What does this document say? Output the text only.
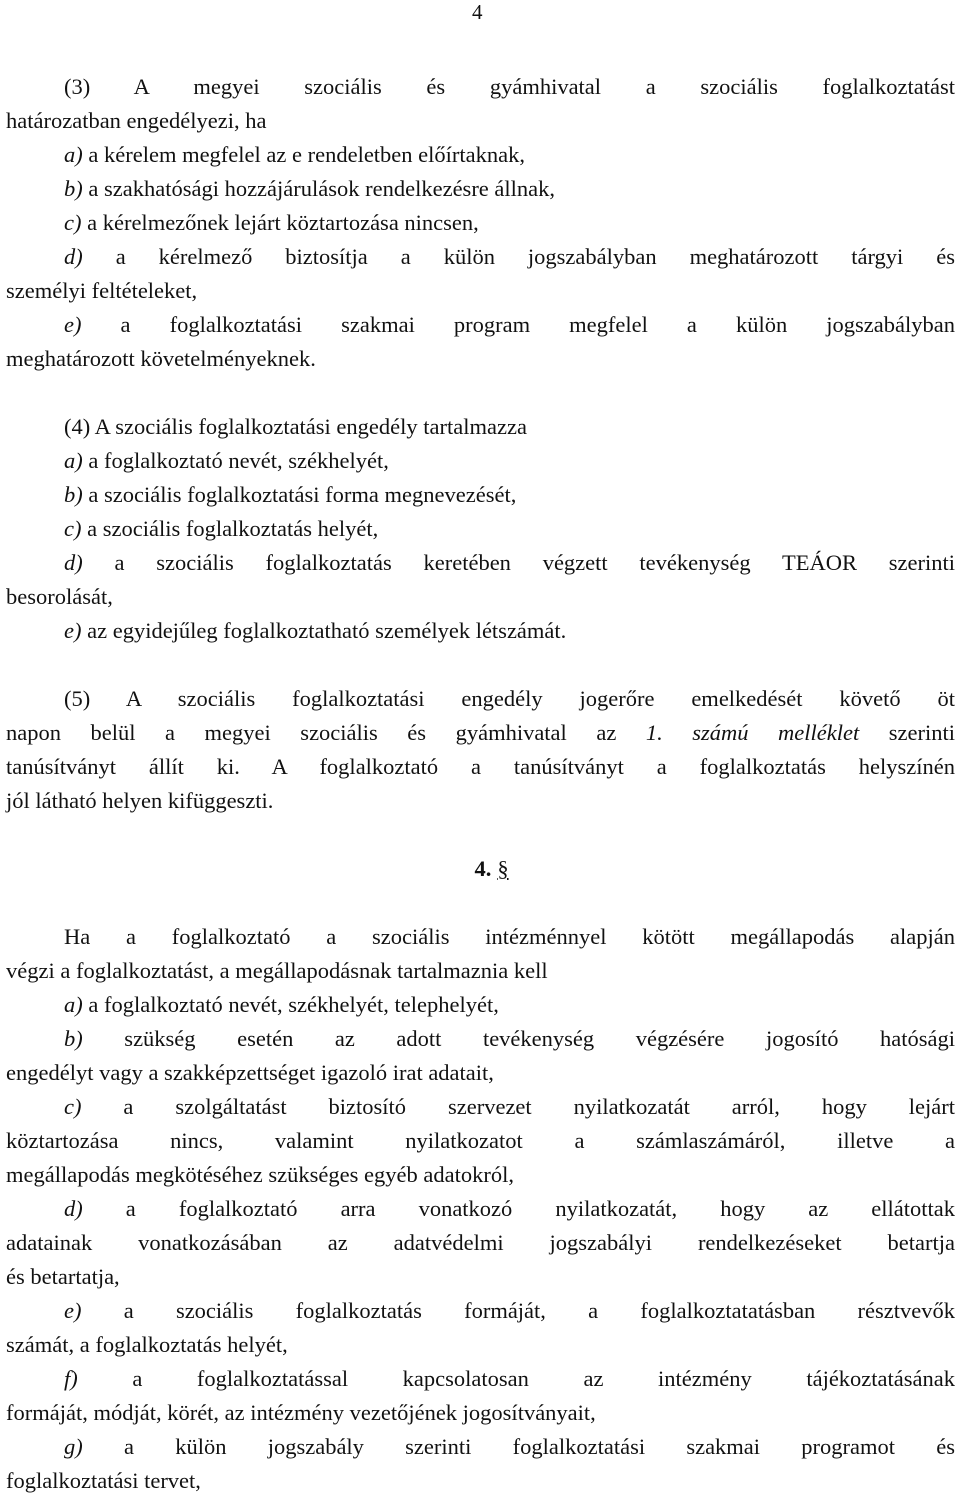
4
(3) A megyei szociális és gyámhivatal a szociális foglalkoztatást
határozatban engedélyezi, ha
a) a kérelem megfelel az e rendeletben előírtaknak,
b) a szakhatósági hozzájárulások rendelkezésre állnak,
c) a kérelmezőnek lejárt köztartozása nincsen,
d) a kérelmező biztosítja a külön jogszabályban meghatározott tárgyi és
személyi feltételeket,
e) a foglalkoztatási szakmai program megfelel a külön jogszabályban
meghatározott követelményeknek.
(4) A szociális foglalkoztatási engedély tartalmazza
a) a foglalkoztató nevét, székhelyét,
b) a szociális foglalkoztatási forma megnevezését,
c) a szociális foglalkoztatás helyét,
d) a szociális foglalkoztatás keretében végzett tevékenység TEÁOR szerinti
besorolását,
e) az egyidejűleg foglalkoztatható személyek létszámát.
(5) A szociális foglalkoztatási engedély jogerőre emelkedését követő öt
napon belül a megyei szociális és gyámhivatal az 1. számú melléklet szerinti
tanúsítványt állít ki. A foglalkoztató a tanúsítványt a foglalkoztatás helyszínén
jól látható helyen kifüggeszti.
4. §
Ha a foglalkoztató a szociális intézménnyel kötött megállapodás alapján
végzi a foglalkoztatást, a megállapodásnak tartalmaznia kell
a) a foglalkoztató nevét, székhelyét, telephelyét,
b) szükség esetén az adott tevékenység végzésére jogosító hatósági
engedélyt vagy a szakképzettséget igazoló irat adatait,
c) a szolgáltatást biztosító szervezet nyilatkozatát arról, hogy lejárt
köztartozása nincs, valamint nyilatkozatot a számlaszámáról, illetve a
megállapodás megkötéséhez szükséges egyéb adatokról,
d) a foglalkoztató arra vonatkozó nyilatkozatát, hogy az ellátottak
adatainak vonatkozásában az adatvédelmi jogszabályi rendelkezéseket betartja
és betartatja,
e) a szociális foglalkoztatás formáját, a foglalkoztatatásban résztvevők
számát, a foglalkoztatás helyét,
f) a foglalkoztatással kapcsolatosan az intézmény tájékoztatásának
formáját, módját, körét, az intézmény vezetőjének jogosítványait,
g) a külön jogszabály szerinti foglalkoztatási szakmai programot és
foglalkoztatási tervet,
